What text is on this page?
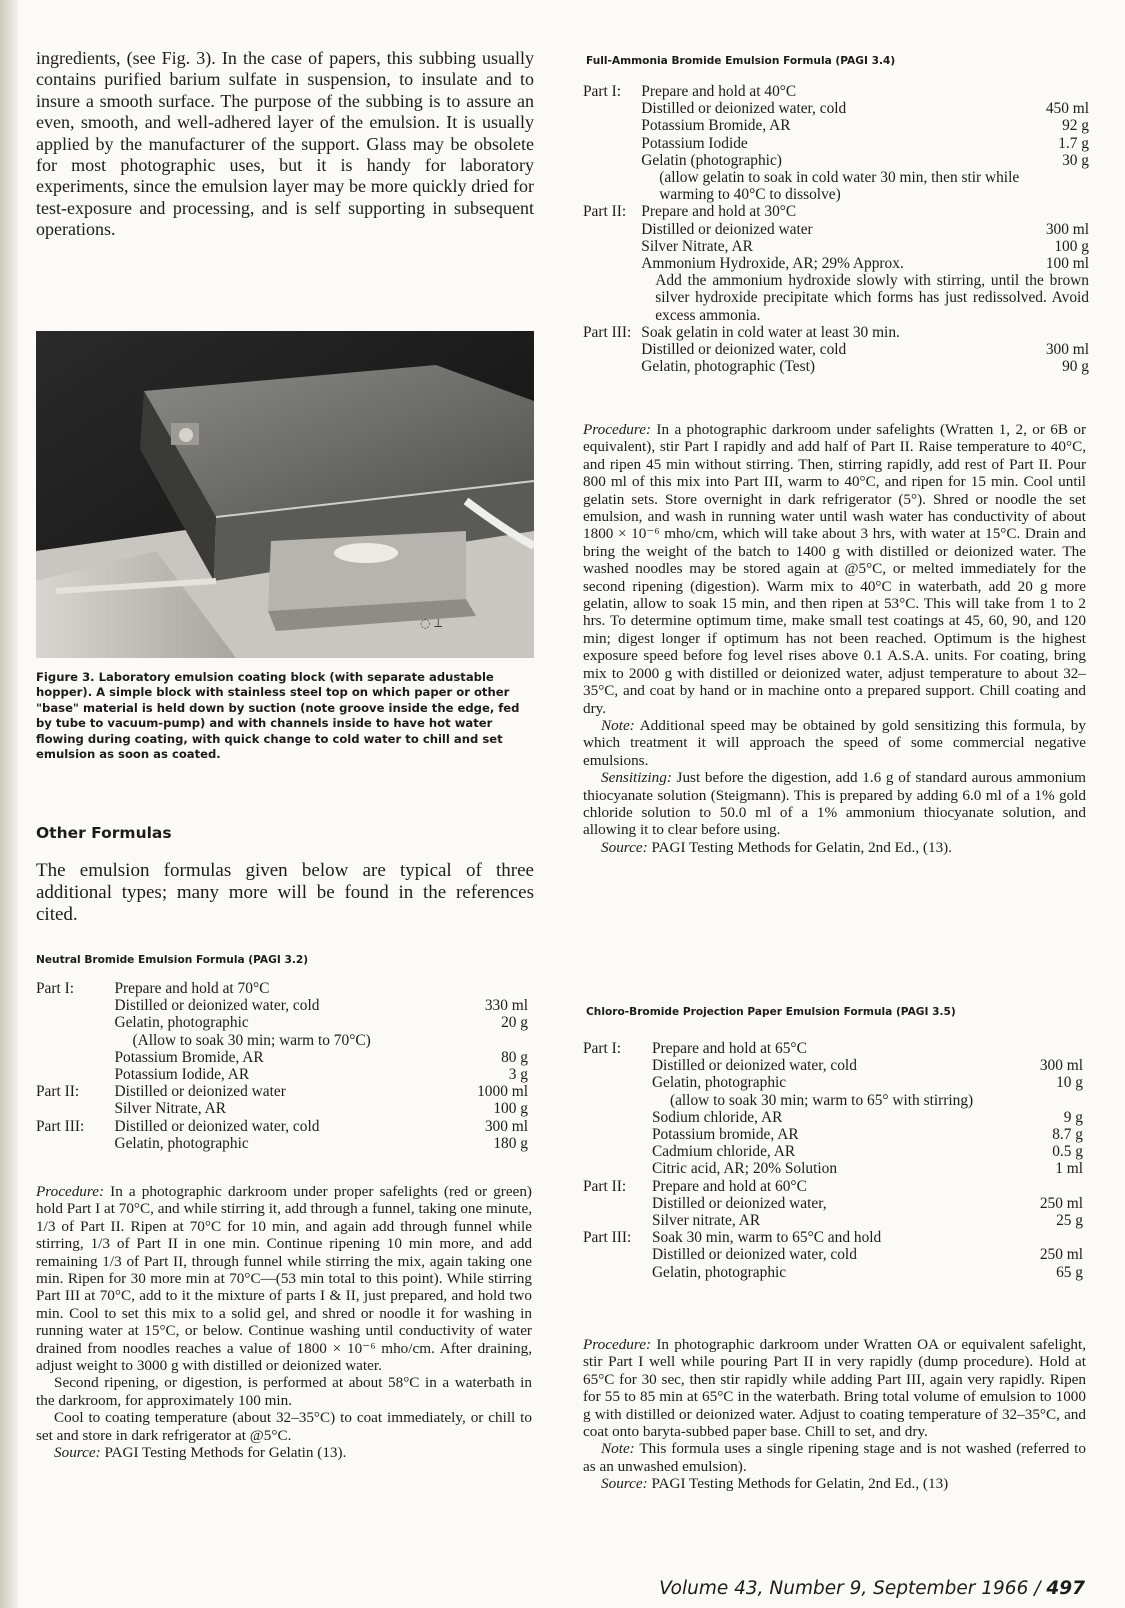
ingredients, (see Fig. 3). In the case of papers, this subbing usually contains purified barium sulfate in suspension, to insulate and to insure a smooth surface. The purpose of the subbing is to assure an even, smooth, and well-adhered layer of the emulsion. It is usually applied by the manufacturer of the support. Glass may be obsolete for most photographic uses, but it is handy for laboratory experiments, since the emulsion layer may be more quickly dried for test-exposure and processing, and is self supporting in subsequent operations.

◌ ⟂

Figure 3. Laboratory emulsion coating block (with separate adustable hopper). A simple block with stainless steel top on which paper or other "base" material is held down by suction (note groove inside the edge, fed by tube to vacuum-pump) and with channels inside to have hot water flowing during coating, with quick change to cold water to chill and set emulsion as soon as coated.

Other Formulas

The emulsion formulas given below are typical of three additional types; many more will be found in the references cited.

Neutral Bromide Emulsion Formula (PAGI 3.2)

Part I:	Prepare and hold at 70°C	
	Distilled or deionized water, cold	330 ml
	Gelatin, photographic	20 g
	(Allow to soak 30 min; warm to 70°C)	
	Potassium Bromide, AR	80 g
	Potassium Iodide, AR	3 g
Part II:	Distilled or deionized water	1000 ml
	Silver Nitrate, AR	100 g
Part III:	Distilled or deionized water, cold	300 ml
	Gelatin, photographic	180 g

Procedure: In a photographic darkroom under proper safelights (red or green) hold Part I at 70°C, and while stirring it, add through a funnel, taking one minute, 1/3 of Part II. Ripen at 70°C for 10 min, and again add through funnel while stirring, 1/3 of Part II in one min. Continue ripening 10 min more, and add remaining 1/3 of Part II, through funnel while stirring the mix, again taking one min. Ripen for 30 more min at 70°C—(53 min total to this point). While stirring Part III at 70°C, add to it the mixture of parts I & II, just prepared, and hold two min. Cool to set this mix to a solid gel, and shred or noodle it for washing in running water at 15°C, or below. Continue washing until conductivity of water drained from noodles reaches a value of 1800 × 10⁻⁶ mho/cm. After draining, adjust weight to 3000 g with distilled or deionized water.

Second ripening, or digestion, is performed at about 58°C in a waterbath in the darkroom, for approximately 100 min.

Cool to coating temperature (about 32–35°C) to coat immediately, or chill to set and store in dark refrigerator at @5°C.

Source: PAGI Testing Methods for Gelatin (13).

Full-Ammonia Bromide Emulsion Formula (PAGI 3.4)

Part I:	Prepare and hold at 40°C	
	Distilled or deionized water, cold	450 ml
	Potassium Bromide, AR	92 g
	Potassium Iodide	1.7 g
	Gelatin (photographic)	30 g
	(allow gelatin to soak in cold water 30 min, then stir while warming to 40°C to dissolve)	
Part II:	Prepare and hold at 30°C	
	Distilled or deionized water	300 ml
	Silver Nitrate, AR	100 g
	Ammonium Hydroxide, AR; 29% Approx.	100 ml
	Add the ammonium hydroxide slowly with stirring, until the brown silver hydroxide precipitate which forms has just redissolved. Avoid excess ammonia.	
Part III:	Soak gelatin in cold water at least 30 min.	
	Distilled or deionized water, cold	300 ml
	Gelatin, photographic (Test)	90 g

Procedure: In a photographic darkroom under safelights (Wratten 1, 2, or 6B or equivalent), stir Part I rapidly and add half of Part II. Raise temperature to 40°C, and ripen 45 min without stirring. Then, stirring rapidly, add rest of Part II. Pour 800 ml of this mix into Part III, warm to 40°C, and ripen for 15 min. Cool until gelatin sets. Store overnight in dark refrigerator (5°). Shred or noodle the set emulsion, and wash in running water until wash water has conductivity of about 1800 × 10⁻⁶ mho/cm, which will take about 3 hrs, with water at 15°C. Drain and bring the weight of the batch to 1400 g with distilled or deionized water. The washed noodles may be stored again at @5°C, or melted immediately for the second ripening (digestion). Warm mix to 40°C in waterbath, add 20 g more gelatin, allow to soak 15 min, and then ripen at 53°C. This will take from 1 to 2 hrs. To determine optimum time, make small test coatings at 45, 60, 90, and 120 min; digest longer if optimum has not been reached. Optimum is the highest exposure speed before fog level rises above 0.1 A.S.A. units. For coating, bring mix to 2000 g with distilled or deionized water, adjust temperature to about 32–35°C, and coat by hand or in machine onto a prepared support. Chill coating and dry.

Note: Additional speed may be obtained by gold sensitizing this formula, by which treatment it will approach the speed of some commercial negative emulsions.

Sensitizing: Just before the digestion, add 1.6 g of standard aurous ammonium thiocyanate solution (Steigmann). This is prepared by adding 6.0 ml of a 1% gold chloride solution to 50.0 ml of a 1% ammonium thiocyanate solution, and allowing it to clear before using.

Source: PAGI Testing Methods for Gelatin, 2nd Ed., (13).

Chloro-Bromide Projection Paper Emulsion Formula (PAGI 3.5)

Part I:	Prepare and hold at 65°C	
	Distilled or deionized water, cold	300 ml
	Gelatin, photographic	10 g
	(allow to soak 30 min; warm to 65° with stirring)	
	Sodium chloride, AR	9 g
	Potassium bromide, AR	8.7 g
	Cadmium chloride, AR	0.5 g
	Citric acid, AR; 20% Solution	1 ml
Part II:	Prepare and hold at 60°C	
	Distilled or deionized water,	250 ml
	Silver nitrate, AR	25 g
Part III:	Soak 30 min, warm to 65°C and hold	
	Distilled or deionized water, cold	250 ml
	Gelatin, photographic	65 g

Procedure: In photographic darkroom under Wratten OA or equivalent safelight, stir Part I well while pouring Part II in very rapidly (dump procedure). Hold at 65°C for 30 sec, then stir rapidly while adding Part III, again very rapidly. Ripen for 55 to 85 min at 65°C in the waterbath. Bring total volume of emulsion to 1000 g with distilled or deionized water. Adjust to coating temperature of 32–35°C, and coat onto baryta-subbed paper base. Chill to set, and dry.

Note: This formula uses a single ripening stage and is not washed (referred to as an unwashed emulsion).

Source: PAGI Testing Methods for Gelatin, 2nd Ed., (13)

Volume 43, Number 9, September 1966 / 497
